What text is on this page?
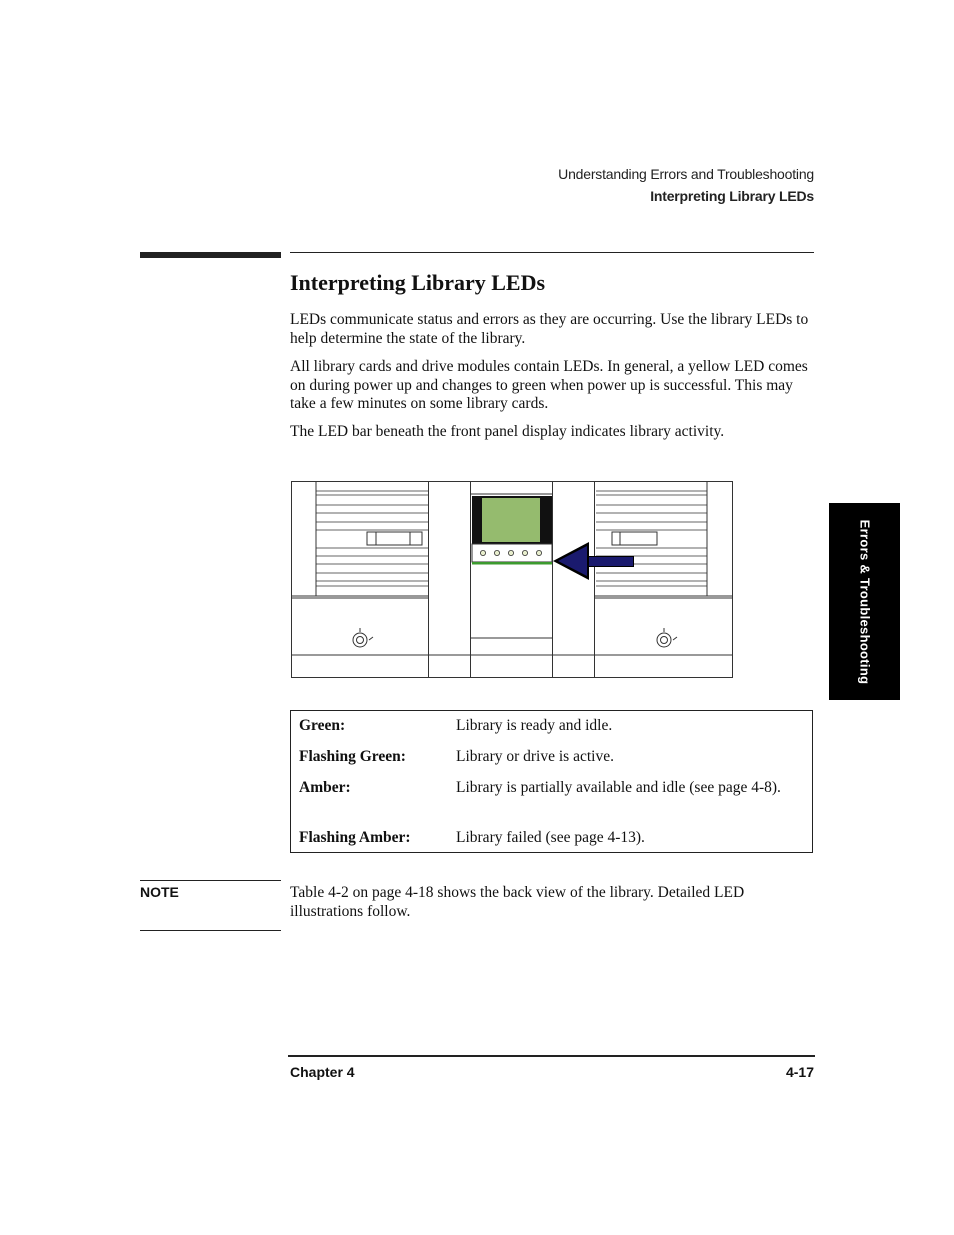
Understanding Errors and Troubleshooting
Interpreting Library LEDs
Interpreting Library LEDs

LEDs communicate status and errors as they are occurring. Use the library LEDs to help determine the state of the library.

All library cards and drive modules contain LEDs. In general, a yellow LED comes on during power up and changes to green when power up is successful. This may take a few minutes on some library cards.

The LED bar beneath the front panel display indicates library activity.

Green:	Library is ready and idle.
Flashing Green:	Library or drive is active.
Amber:	Library is partially available and idle (see page 4-8).
Flashing Amber:	Library failed (see page 4-13).
NOTE	Table 4-2 on page 4-18 shows the back view of the library. Detailed LED illustrations follow.
Chapter 4	4-17
Errors & Troubleshooting
